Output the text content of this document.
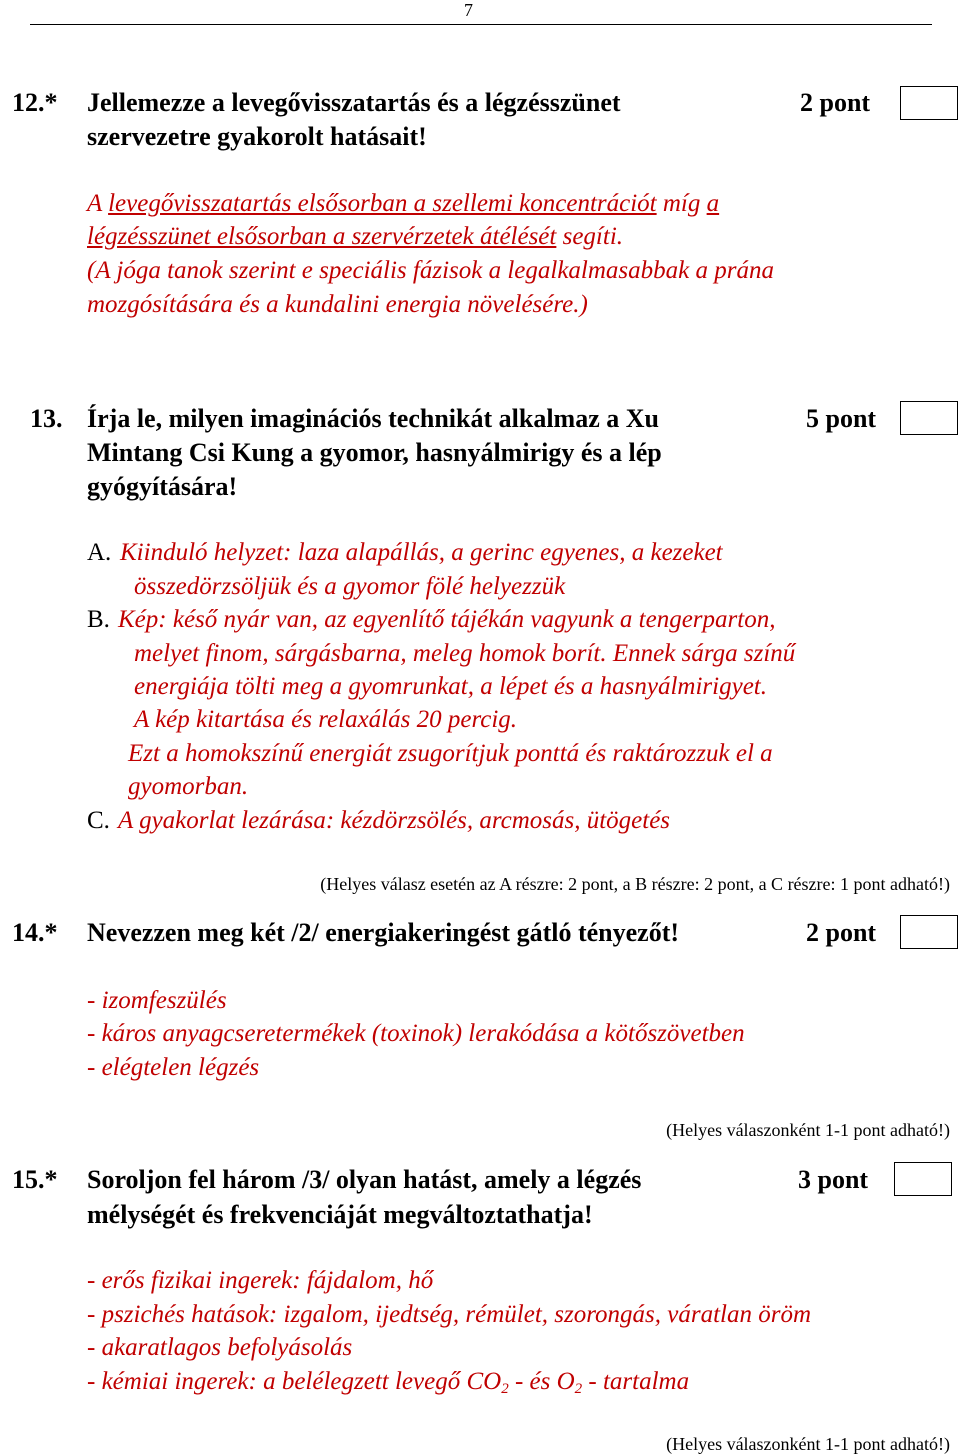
7
12.* Jellemezze a levegővisszatartás és a légzésszünet
szervezetre gyakorolt hatásait!
2 pont
A levegővisszatartás elsősorban a szellemi koncentrációt míg a
légzésszünet elsősorban a szervérzetek átélését segíti.
(A jóga tanok szerint e speciális fázisok a legalkalmasabbak a prána
mozgósítására és a kundalini energia növelésére.)
13. Írja le, milyen imaginációs technikát alkalmaz a Xu
Mintang Csi Kung a gyomor, hasnyálmirigy és a lép
gyógyítására!
5 pont
A. Kiinduló helyzet: laza alapállás, a gerinc egyenes, a kezeket
összedörzsöljük és a gyomor fölé helyezzük
B. Kép: késő nyár van, az egyenlítő tájékán vagyunk a tengerparton,
melyet finom, sárgásbarna, meleg homok borít. Ennek sárga színű
energiája tölti meg a gyomrunkat, a lépet és a hasnyálmirigyet.
A kép kitartása és relaxálás 20 percig.
Ezt a homokszínű energiát zsugorítjuk ponttá és raktározzuk el a
gyomorban.
C. A gyakorlat lezárása: kézdörzsölés, arcmosás, ütögetés
(Helyes válasz esetén az A részre: 2 pont, a B részre: 2 pont, a C részre: 1 pont adható!)
14.* Nevezzen meg két /2/ energiakeringést gátló tényezőt!	2 pont
- izomfeszülés
- káros anyagcseretermékek (toxinok) lerakódása a kötőszövetben
- elégtelen légzés
(Helyes válaszonként 1-1 pont adható!)
15.* Soroljon fel három /3/ olyan hatást, amely a légzés
mélységét és frekvenciáját megváltoztathatja!
3 pont
- erős fizikai ingerek: fájdalom, hő
- pszichés hatások: izgalom, ijedtség, rémület, szorongás, váratlan öröm
- akaratlagos befolyásolás
- kémiai ingerek: a belélegzett levegő $CO_2$ - és $O_2$ - tartalma
(Helyes válaszonként 1-1 pont adható!)
